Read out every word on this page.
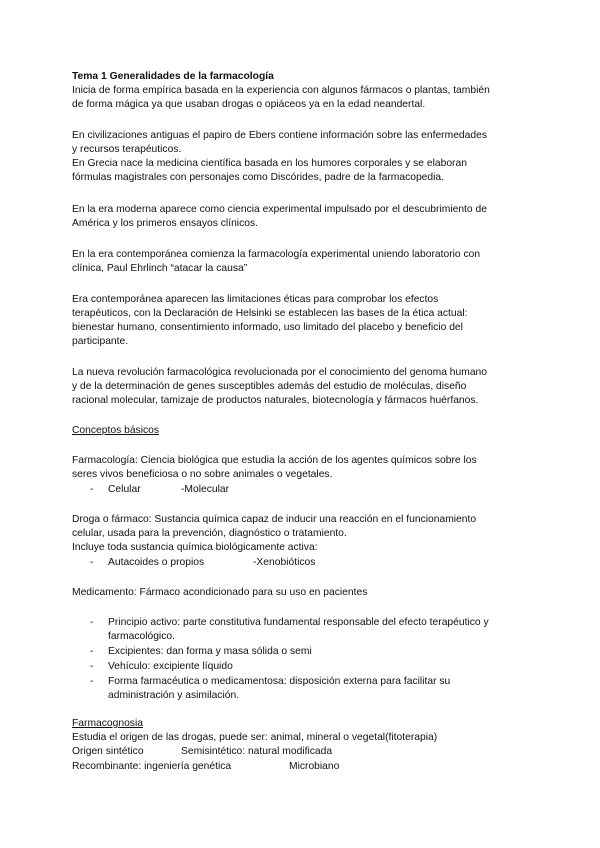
Tema 1 Generalidades de la farmacología

Inicia de forma empírica basada en la experiencia con algunos fármacos o plantas, también

de forma mágica ya que usaban drogas o opiáceos ya en la edad neandertal.

En civilizaciones antiguas el papiro de Ebers contiene información sobre las enfermedades

y recursos terapéuticos.

En Grecia nace la medicina científica basada en los humores corporales y se elaboran

fórmulas magistrales con personajes como Discórides, padre de la farmacopedia.

En la era moderna aparece como ciencia experimental impulsado por el descubrimiento de

América y los primeros ensayos clínicos.

En la era contemporánea comienza la farmacología experimental uniendo laboratorio con

clínica, Paul Ehrlinch “atacar la causa”

Era contemporánea aparecen las limitaciones éticas para comprobar los efectos

terapéuticos, con la Declaración de Helsinki se establecen las bases de la ética actual:

bienestar humano, consentimiento informado, uso limitado del placebo y beneficio del

participante.

La nueva revolución farmacológica revolucionada por el conocimiento del genoma humano

y de la determinación de genes susceptibles además del estudio de moléculas, diseño

racional molecular, tamizaje de productos naturales, biotecnología y fármacos huérfanos.

Conceptos básicos

Farmacología: Ciencia biológica que estudia la acción de los agentes químicos sobre los

seres vivos beneficiosa o no sobre animales o vegetales.

- Celular	-Molecular

Droga o fármaco: Sustancia química capaz de inducir una reacción en el funcionamiento

celular, usada para la prevención, diagnóstico o tratamiento.

Incluye toda sustancia química biológicamente activa:

- Autacoides o propios	-Xenobióticos

Medicamento: Fármaco acondicionado para su uso en pacientes

- Principio activo: parte constitutiva fundamental responsable del efecto terapéutico y
farmacológico.
- Excipientes: dan forma y masa sólida o semi
- Vehículo: excipiente líquido
- Forma farmacéutica o medicamentosa: disposición externa para facilitar su
administración y asimilación.

Farmacognosia

Estudia el origen de las drogas, puede ser: animal, mineral o vegetal(fitoterapia)

Origen sintético	Semisintético: natural modificada
Recombinante: ingeniería genética	Microbiano
